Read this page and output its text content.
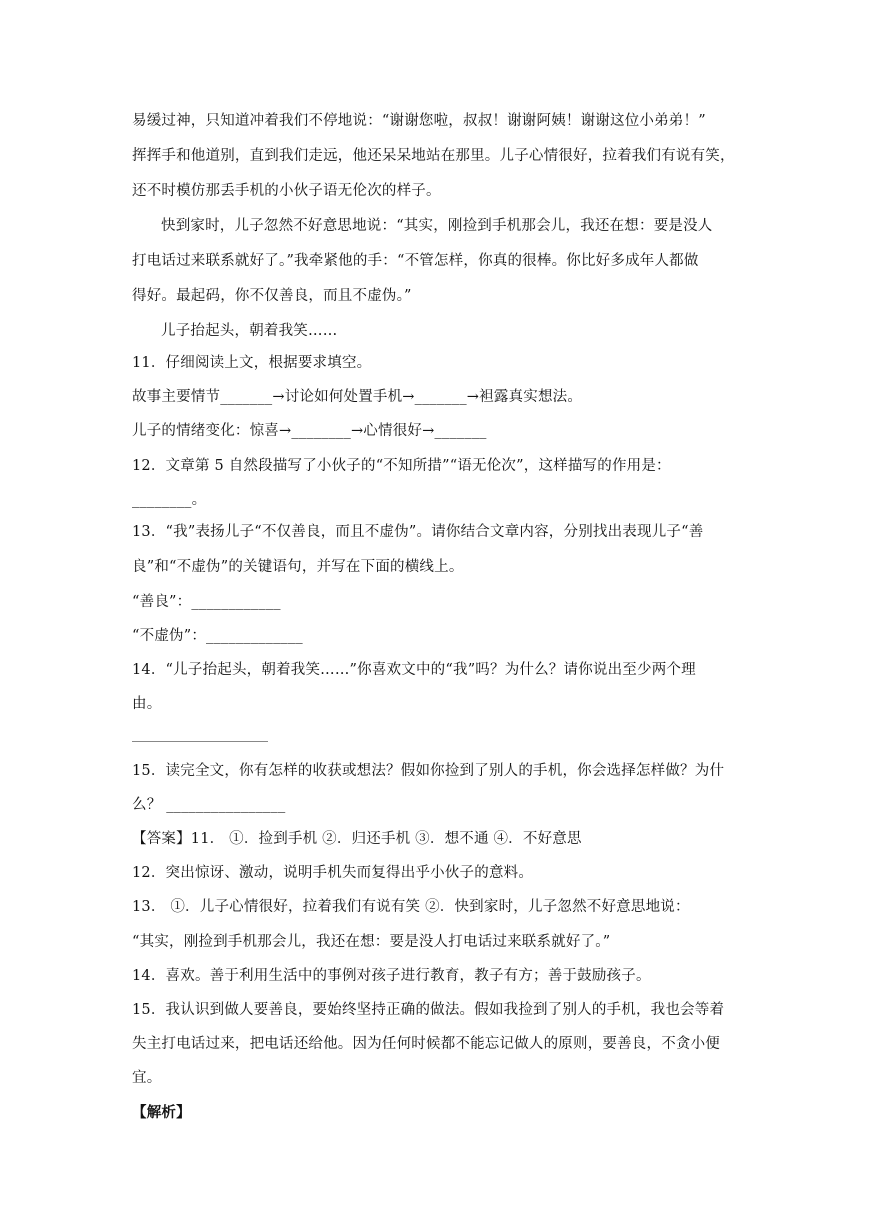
易缓过神，只知道冲着我们不停地说：“谢谢您啦，叔叔！谢谢阿姨！谢谢这位小弟弟！”
挥挥手和他道别，直到我们走远，他还呆呆地站在那里。儿子心情很好，拉着我们有说有笑，
还不时模仿那丢手机的小伙子语无伦次的样子。
快到家时，儿子忽然不好意思地说：“其实，刚捡到手机那会儿，我还在想：要是没人
打电话过来联系就好了。”我牵紧他的手：“不管怎样，你真的很棒。你比好多成年人都做
得好。最起码，你不仅善良，而且不虚伪。”
儿子抬起头，朝着我笑……
11．仔细阅读上文，根据要求填空。
故事主要情节_______→讨论如何处置手机→_______→袒露真实想法。
儿子的情绪变化：惊喜→________→心情很好→_______
12．文章第 5 自然段描写了小伙子的“不知所措”“语无伦次”，这样描写的作用是：
________。
13．“我”表扬儿子“不仅善良，而且不虚伪”。请你结合文章内容，分别找出表现儿子“善
良”和“不虚伪”的关键语句，并写在下面的横线上。
“善良”：____________
“不虚伪”：_____________
14．“儿子抬起头，朝着我笑……”你喜欢文中的“我”吗？为什么？请你说出至少两个理
由。
15．读完全文，你有怎样的收获或想法？假如你捡到了别人的手机，你会选择怎样做？为什
么？ ________________
【答案】11． ①．捡到手机 ②．归还手机 ③．想不通 ④．不好意思
12．突出惊讶、激动，说明手机失而复得出乎小伙子的意料。
13． ①．儿子心情很好，拉着我们有说有笑 ②．快到家时，儿子忽然不好意思地说：
“其实，刚捡到手机那会儿，我还在想：要是没人打电话过来联系就好了。”
14．喜欢。善于利用生活中的事例对孩子进行教育，教子有方；善于鼓励孩子。
15．我认识到做人要善良，要始终坚持正确的做法。假如我捡到了别人的手机，我也会等着
失主打电话过来，把电话还给他。因为任何时候都不能忘记做人的原则，要善良，不贪小便
宜。
【解析】
